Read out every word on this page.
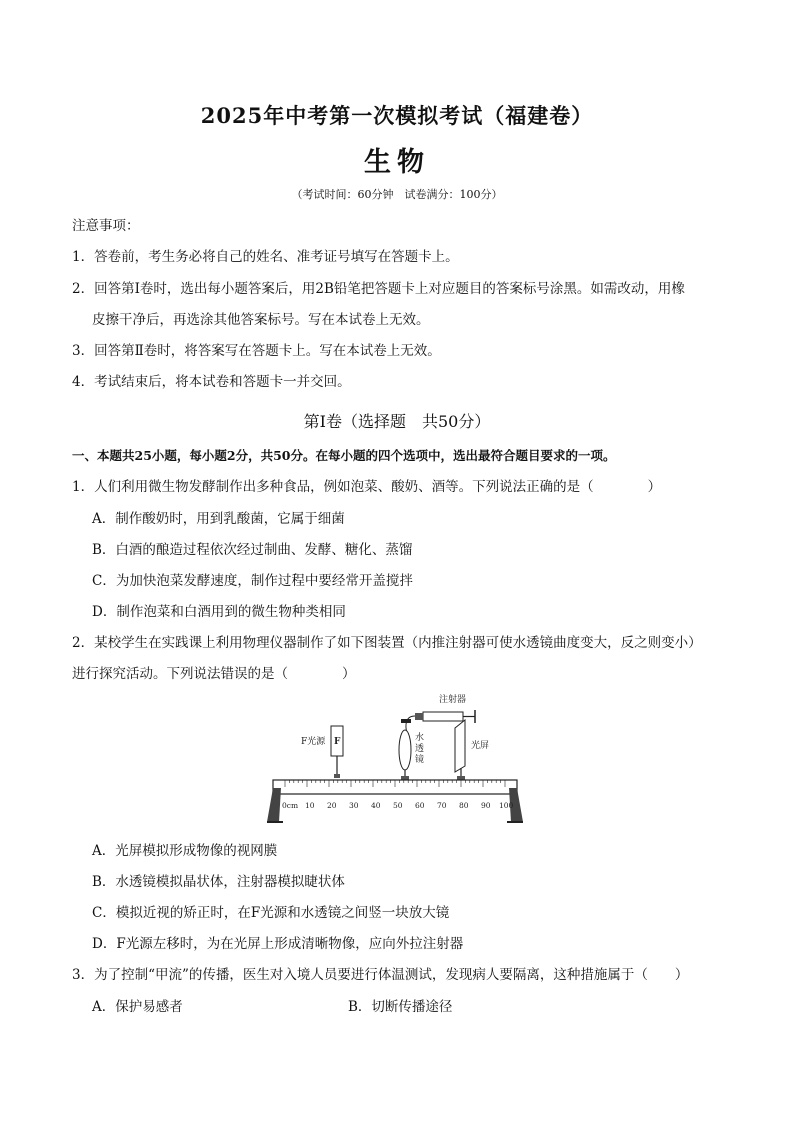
2025年中考第一次模拟考试（福建卷）
生物
（考试时间：60分钟　试卷满分：100分）
注意事项：
1．答卷前，考生务必将自己的姓名、准考证号填写在答题卡上。
2．回答第Ⅰ卷时，选出每小题答案后，用2B铅笔把答题卡上对应题目的答案标号涂黑。如需改动，用橡
皮擦干净后，再选涂其他答案标号。写在本试卷上无效。
3．回答第Ⅱ卷时，将答案写在答题卡上。写在本试卷上无效。
4．考试结束后，将本试卷和答题卡一并交回。
第Ⅰ卷（选择题　共50分）
一、本题共25小题，每小题2分，共50分。在每小题的四个选项中，选出最符合题目要求的一项。
1．人们利用微生物发酵制作出多种食品，例如泡菜、酸奶、酒等。下列说法正确的是（　　　　）
A．制作酸奶时，用到乳酸菌，它属于细菌
B．白酒的酿造过程依次经过制曲、发酵、糖化、蒸馏
C．为加快泡菜发酵速度，制作过程中要经常开盖搅拌
D．制作泡菜和白酒用到的微生物种类相同
2．某校学生在实践课上利用物理仪器制作了如下图装置（内推注射器可使水透镜曲度变大，反之则变小）
进行探究活动。下列说法错误的是（　　　　）
注射器
F
F光源	水
透
镜
光屏
0cm 10 20 30 40 50 60 70 80 90 100
A．光屏模拟形成物像的视网膜
B．水透镜模拟晶状体，注射器模拟睫状体
C．模拟近视的矫正时，在F光源和水透镜之间竖一块放大镜
D．F光源左移时，为在光屏上形成清晰物像，应向外拉注射器
3．为了控制“甲流”的传播，医生对入境人员要进行体温测试，发现病人要隔离，这种措施属于（　　）
A．保护易感者	B．切断传播途径
